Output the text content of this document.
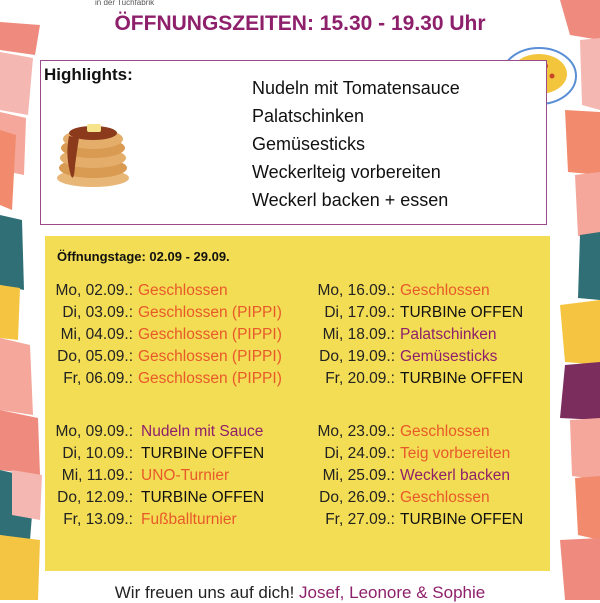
in der Tuchfabrik
ÖFFNUNGSZEITEN: 15.30 - 19.30 Uhr
Highlights:
Nudeln mit Tomatensauce
Palatschinken
Gemüsesticks
Weckerlteig vorbereiten
Weckerl backen + essen
Öffnungstage: 02.09 - 29.09.
Mo, 02.09.: Geschlossen
Di, 03.09.: Geschlossen (PIPPI)
Mi, 04.09.: Geschlossen (PIPPI)
Do, 05.09.: Geschlossen (PIPPI)
Fr, 06.09.: Geschlossen (PIPPI)
Mo, 16.09.: Geschlossen
Di, 17.09.: TURBINe OFFEN
Mi, 18.09.: Palatschinken
Do, 19.09.: Gemüsesticks
Fr, 20.09.: TURBINe OFFEN
Mo, 09.09.: Nudeln mit Sauce
Di, 10.09.: TURBINe OFFEN
Mi, 11.09.: UNO-Turnier
Do, 12.09.: TURBINe OFFEN
Fr, 13.09.: Fußballturnier
Mo, 23.09.: Geschlossen
Di, 24.09.: Teig vorbereiten
Mi, 25.09.: Weckerl backen
Do, 26.09.: Geschlossen
Fr, 27.09.: TURBINe OFFEN
Wir freuen uns auf dich! Josef, Leonore & Sophie
